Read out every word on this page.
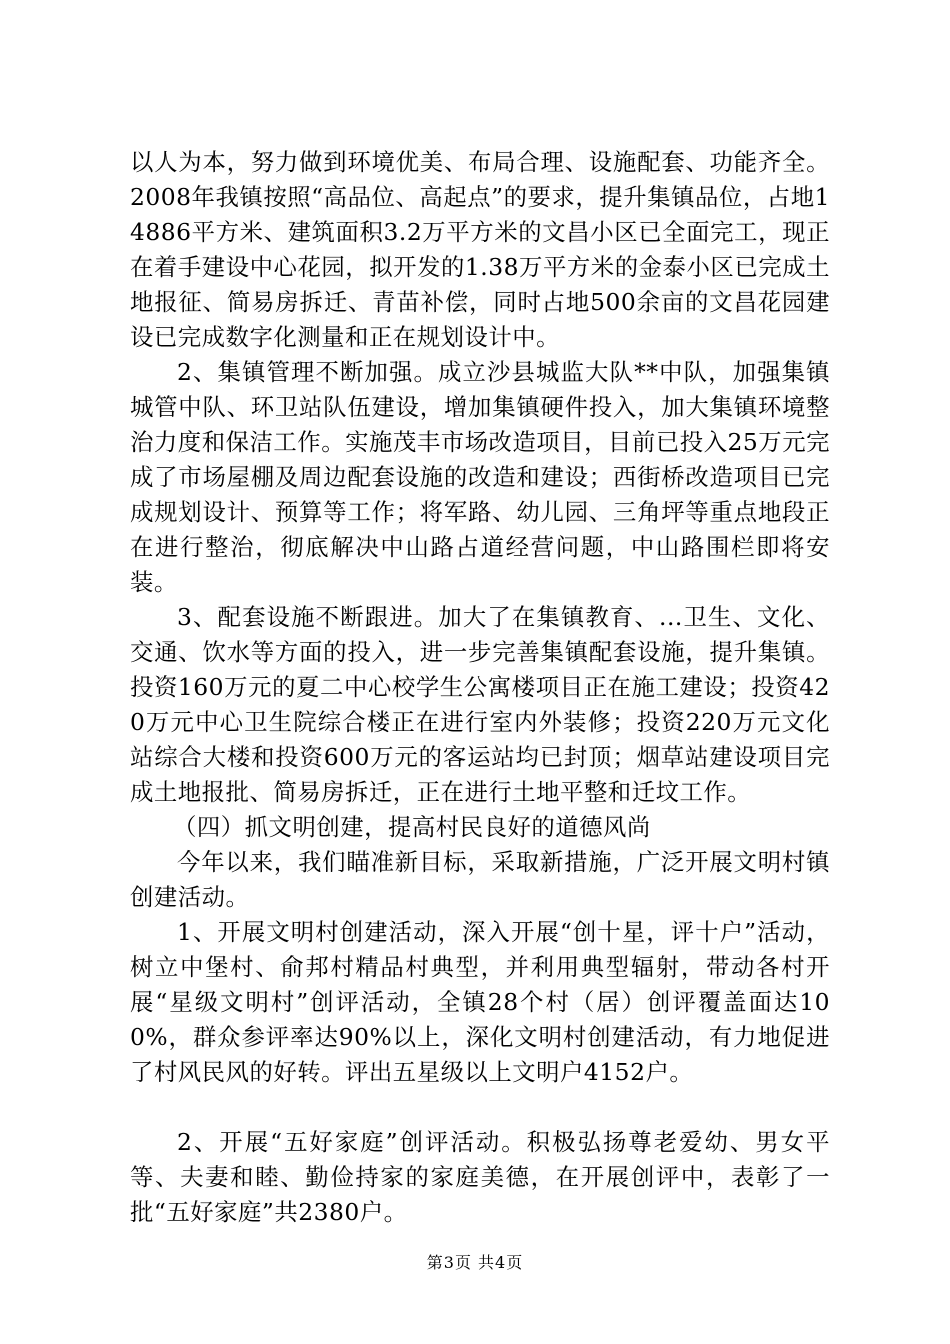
以人为本，努力做到环境优美、布局合理、设施配套、功能齐全。2008年我镇按照“高品位、高起点”的要求，提升集镇品位，占地14886平方米、建筑面积3.2万平方米的文昌小区已全面完工，现正在着手建设中心花园，拟开发的1.38万平方米的金泰小区已完成土地报征、简易房拆迁、青苗补偿，同时占地500余亩的文昌花园建设已完成数字化测量和正在规划设计中。

2、集镇管理不断加强。成立沙县城监大队**中队，加强集镇城管中队、环卫站队伍建设，增加集镇硬件投入，加大集镇环境整治力度和保洁工作。实施茂丰市场改造项目，目前已投入25万元完成了市场屋棚及周边配套设施的改造和建设；西街桥改造项目已完成规划设计、预算等工作；将军路、幼儿园、三角坪等重点地段正在进行整治，彻底解决中山路占道经营问题，中山路围栏即将安装。

3、配套设施不断跟进。加大了在集镇教育、...卫生、文化、交通、饮水等方面的投入，进一步完善集镇配套设施，提升集镇。投资160万元的夏二中心校学生公寓楼项目正在施工建设；投资420万元中心卫生院综合楼正在进行室内外装修；投资220万元文化站综合大楼和投资600万元的客运站均已封顶；烟草站建设项目完成土地报批、简易房拆迁，正在进行土地平整和迁坟工作。

（四）抓文明创建，提高村民良好的道德风尚

今年以来，我们瞄准新目标，采取新措施，广泛开展文明村镇创建活动。

1、开展文明村创建活动，深入开展“创十星，评十户”活动，树立中堡村、俞邦村精品村典型，并利用典型辐射，带动各村开展“星级文明村”创评活动，全镇28个村（居）创评覆盖面达100%，群众参评率达90%以上，深化文明村创建活动，有力地促进了村风民风的好转。评出五星级以上文明户4152户。

2、开展“五好家庭”创评活动。积极弘扬尊老爱幼、男女平等、夫妻和睦、勤俭持家的家庭美德，在开展创评中，表彰了一批“五好家庭”共2380户。

第3页 共4页
